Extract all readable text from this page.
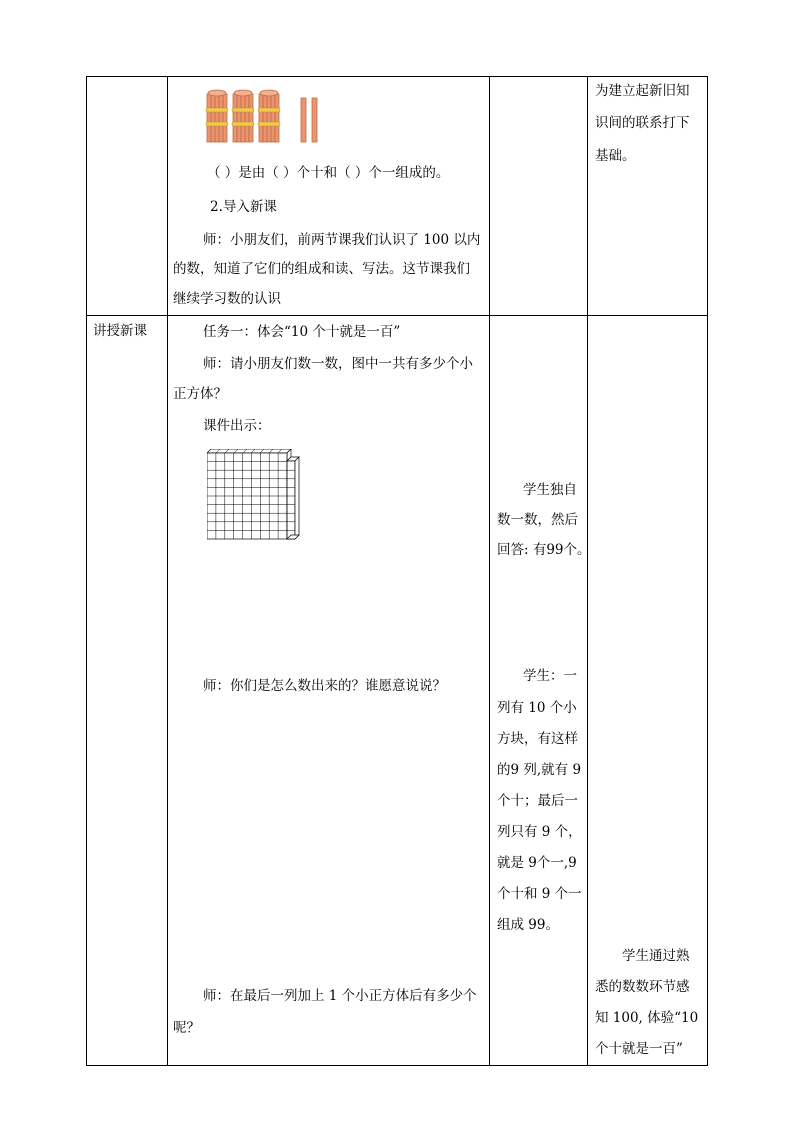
（ ）是由（ ）个十和（ ）个一组成的。
2.导入新课
师：小朋友们，前两节课我们认识了 100 以内
的数，知道了它们的组成和读、写法。这节课我们
继续学习数的认识
为建立起新旧知
识间的联系打下
基础。
讲授新课	任务一：体会“10 个十就是一百”
师：请小朋友们数一数，图中一共有多少个小
正方体？
课件出示：
师：你们是怎么数出来的？谁愿意说说？
师：在最后一列加上 1 个小正方体后有多少个
呢？
学生独自
数一数，然后
回答: 有99个。
学生：一
列有 10 个小
方块，有这样
的9 列,就有 9
个十；最后一
列只有 9 个，
就是 9个一,9
个十和 9 个一
组成 99。
学生通过熟
悉的数数环节感
知 100, 体验“10
个十就是一百”
